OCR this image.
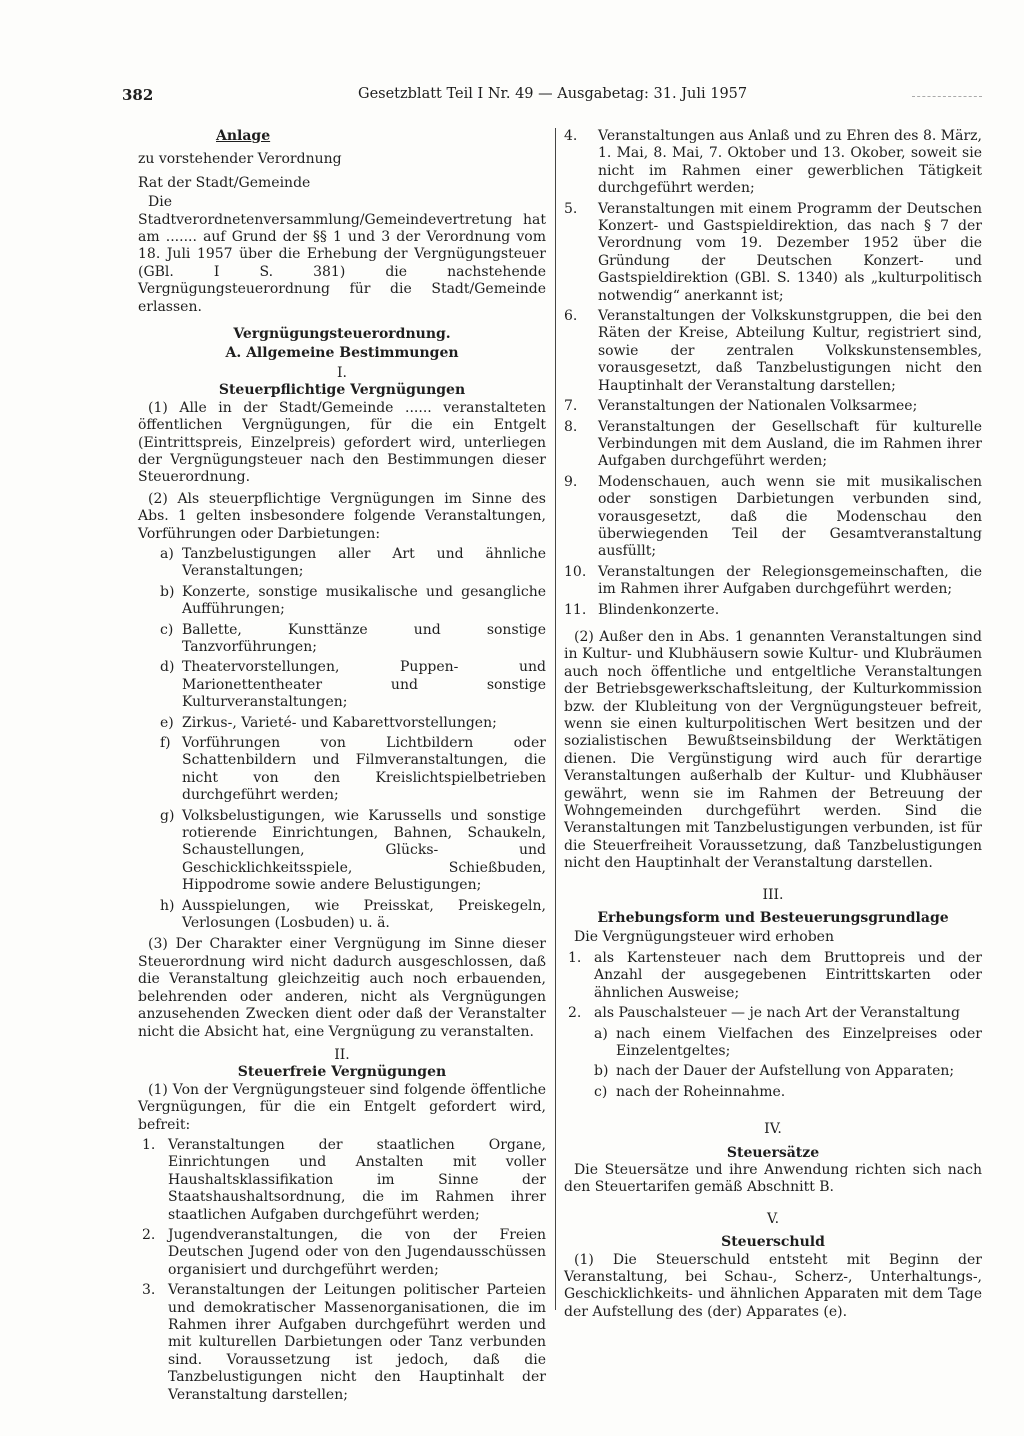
382	Gesetzblatt Teil I Nr. 49 — Ausgabetag: 31. Juli 1957
Anlage
zu vorstehender Verordnung
Rat der Stadt/Gemeinde
Die Stadtverordnetenversammlung/Gemeindevertretung hat am ....... auf Grund der §§ 1 und 3 der Verordnung vom 18. Juli 1957 über die Erhebung der Vergnügungsteuer (GBl. I S. 381) die nachstehende Vergnügungsteuerordnung für die Stadt/Gemeinde erlassen.
Vergnügungsteuerordnung.
A. Allgemeine Bestimmungen
I.
Steuerpflichtige Vergnügungen
(1) Alle in der Stadt/Gemeinde ...... veranstalteten öffentlichen Vergnügungen, für die ein Entgelt (Eintrittspreis, Einzelpreis) gefordert wird, unterliegen der Vergnügungsteuer nach den Bestimmungen dieser Steuerordnung.
(2) Als steuerpflichtige Vergnügungen im Sinne des Abs. 1 gelten insbesondere folgende Veranstaltungen, Vorführungen oder Darbietungen:
a) Tanzbelustigungen aller Art und ähnliche Veranstaltungen;
b) Konzerte, sonstige musikalische und gesangliche Aufführungen;
c) Ballette, Kunsttänze und sonstige Tanzvorführungen;
d) Theatervorstellungen, Puppen- und Marionettentheater und sonstige Kulturveranstaltungen;
e) Zirkus-, Varieté- und Kabarettvorstellungen;
f) Vorführungen von Lichtbildern oder Schattenbildern und Filmveranstaltungen, die nicht von den Kreislichtspielbetrieben durchgeführt werden;
g) Volksbelustigungen, wie Karussells und sonstige rotierende Einrichtungen, Bahnen, Schaukeln, Schaustellungen, Glücks- und Geschicklichkeitsspiele, Schießbuden, Hippodrome sowie andere Belustigungen;
h) Ausspielungen, wie Preisskat, Preiskegeln, Verlosungen (Losbuden) u. ä.
(3) Der Charakter einer Vergnügung im Sinne dieser Steuerordnung wird nicht dadurch ausgeschlossen, daß die Veranstaltung gleichzeitig auch noch erbauenden, belehrenden oder anderen, nicht als Vergnügungen anzusehenden Zwecken dient oder daß der Veranstalter nicht die Absicht hat, eine Vergnügung zu veranstalten.
II.
Steuerfreie Vergnügungen
(1) Von der Vergnügungsteuer sind folgende öffentliche Vergnügungen, für die ein Entgelt gefordert wird, befreit:
1. Veranstaltungen der staatlichen Organe, Einrichtungen und Anstalten mit voller Haushaltsklassifikation im Sinne der Staatshaushaltsordnung, die im Rahmen ihrer staatlichen Aufgaben durchgeführt werden;
2. Jugendveranstaltungen, die von der Freien Deutschen Jugend oder von den Jugendausschüssen organisiert und durchgeführt werden;
3. Veranstaltungen der Leitungen politischer Parteien und demokratischer Massenorganisationen, die im Rahmen ihrer Aufgaben durchgeführt werden und mit kulturellen Darbietungen oder Tanz verbunden sind. Voraussetzung ist jedoch, daß die Tanzbelustigungen nicht den Hauptinhalt der Veranstaltung darstellen;
4. Veranstaltungen aus Anlaß und zu Ehren des 8. März, 1. Mai, 8. Mai, 7. Oktober und 13. Okober, soweit sie nicht im Rahmen einer gewerblichen Tätigkeit durchgeführt werden;
5. Veranstaltungen mit einem Programm der Deutschen Konzert- und Gastspieldirektion, das nach § 7 der Verordnung vom 19. Dezember 1952 über die Gründung der Deutschen Konzert- und Gastspieldirektion (GBl. S. 1340) als „kulturpolitisch notwendig“ anerkannt ist;
6. Veranstaltungen der Volkskunstgruppen, die bei den Räten der Kreise, Abteilung Kultur, registriert sind, sowie der zentralen Volkskunstensembles, vorausgesetzt, daß Tanzbelustigungen nicht den Hauptinhalt der Veranstaltung darstellen;
7. Veranstaltungen der Nationalen Volksarmee;
8. Veranstaltungen der Gesellschaft für kulturelle Verbindungen mit dem Ausland, die im Rahmen ihrer Aufgaben durchgeführt werden;
9. Modenschauen, auch wenn sie mit musikalischen oder sonstigen Darbietungen verbunden sind, vorausgesetzt, daß die Modenschau den überwiegenden Teil der Gesamtveranstaltung ausfüllt;
10. Veranstaltungen der Relegionsgemeinschaften, die im Rahmen ihrer Aufgaben durchgeführt werden;
11. Blindenkonzerte.
(2) Außer den in Abs. 1 genannten Veranstaltungen sind in Kultur- und Klubhäusern sowie Kultur- und Klubräumen auch noch öffentliche und entgeltliche Veranstaltungen der Betriebsgewerkschaftsleitung, der Kulturkommission bzw. der Klubleitung von der Vergnügungsteuer befreit, wenn sie einen kulturpolitischen Wert besitzen und der sozialistischen Bewußtseinsbildung der Werktätigen dienen. Die Vergünstigung wird auch für derartige Veranstaltungen außerhalb der Kultur- und Klubhäuser gewährt, wenn sie im Rahmen der Betreuung der Wohngemeinden durchgeführt werden. Sind die Veranstaltungen mit Tanzbelustigungen verbunden, ist für die Steuerfreiheit Voraussetzung, daß Tanzbelustigungen nicht den Hauptinhalt der Veranstaltung darstellen.
III.
Erhebungsform und Besteuerungsgrundlage
Die Vergnügungsteuer wird erhoben
1. als Kartensteuer nach dem Bruttopreis und der Anzahl der ausgegebenen Eintrittskarten oder ähnlichen Ausweise;
2. als Pauschalsteuer — je nach Art der Veranstaltung
a) nach einem Vielfachen des Einzelpreises oder Einzelentgeltes;
b) nach der Dauer der Aufstellung von Apparaten;
c) nach der Roheinnahme.
IV.
Steuersätze
Die Steuersätze und ihre Anwendung richten sich nach den Steuertarifen gemäß Abschnitt B.
V.
Steuerschuld
(1) Die Steuerschuld entsteht mit Beginn der Veranstaltung, bei Schau-, Scherz-, Unterhaltungs-, Geschicklichkeits- und ähnlichen Apparaten mit dem Tage der Aufstellung des (der) Apparates (e).
